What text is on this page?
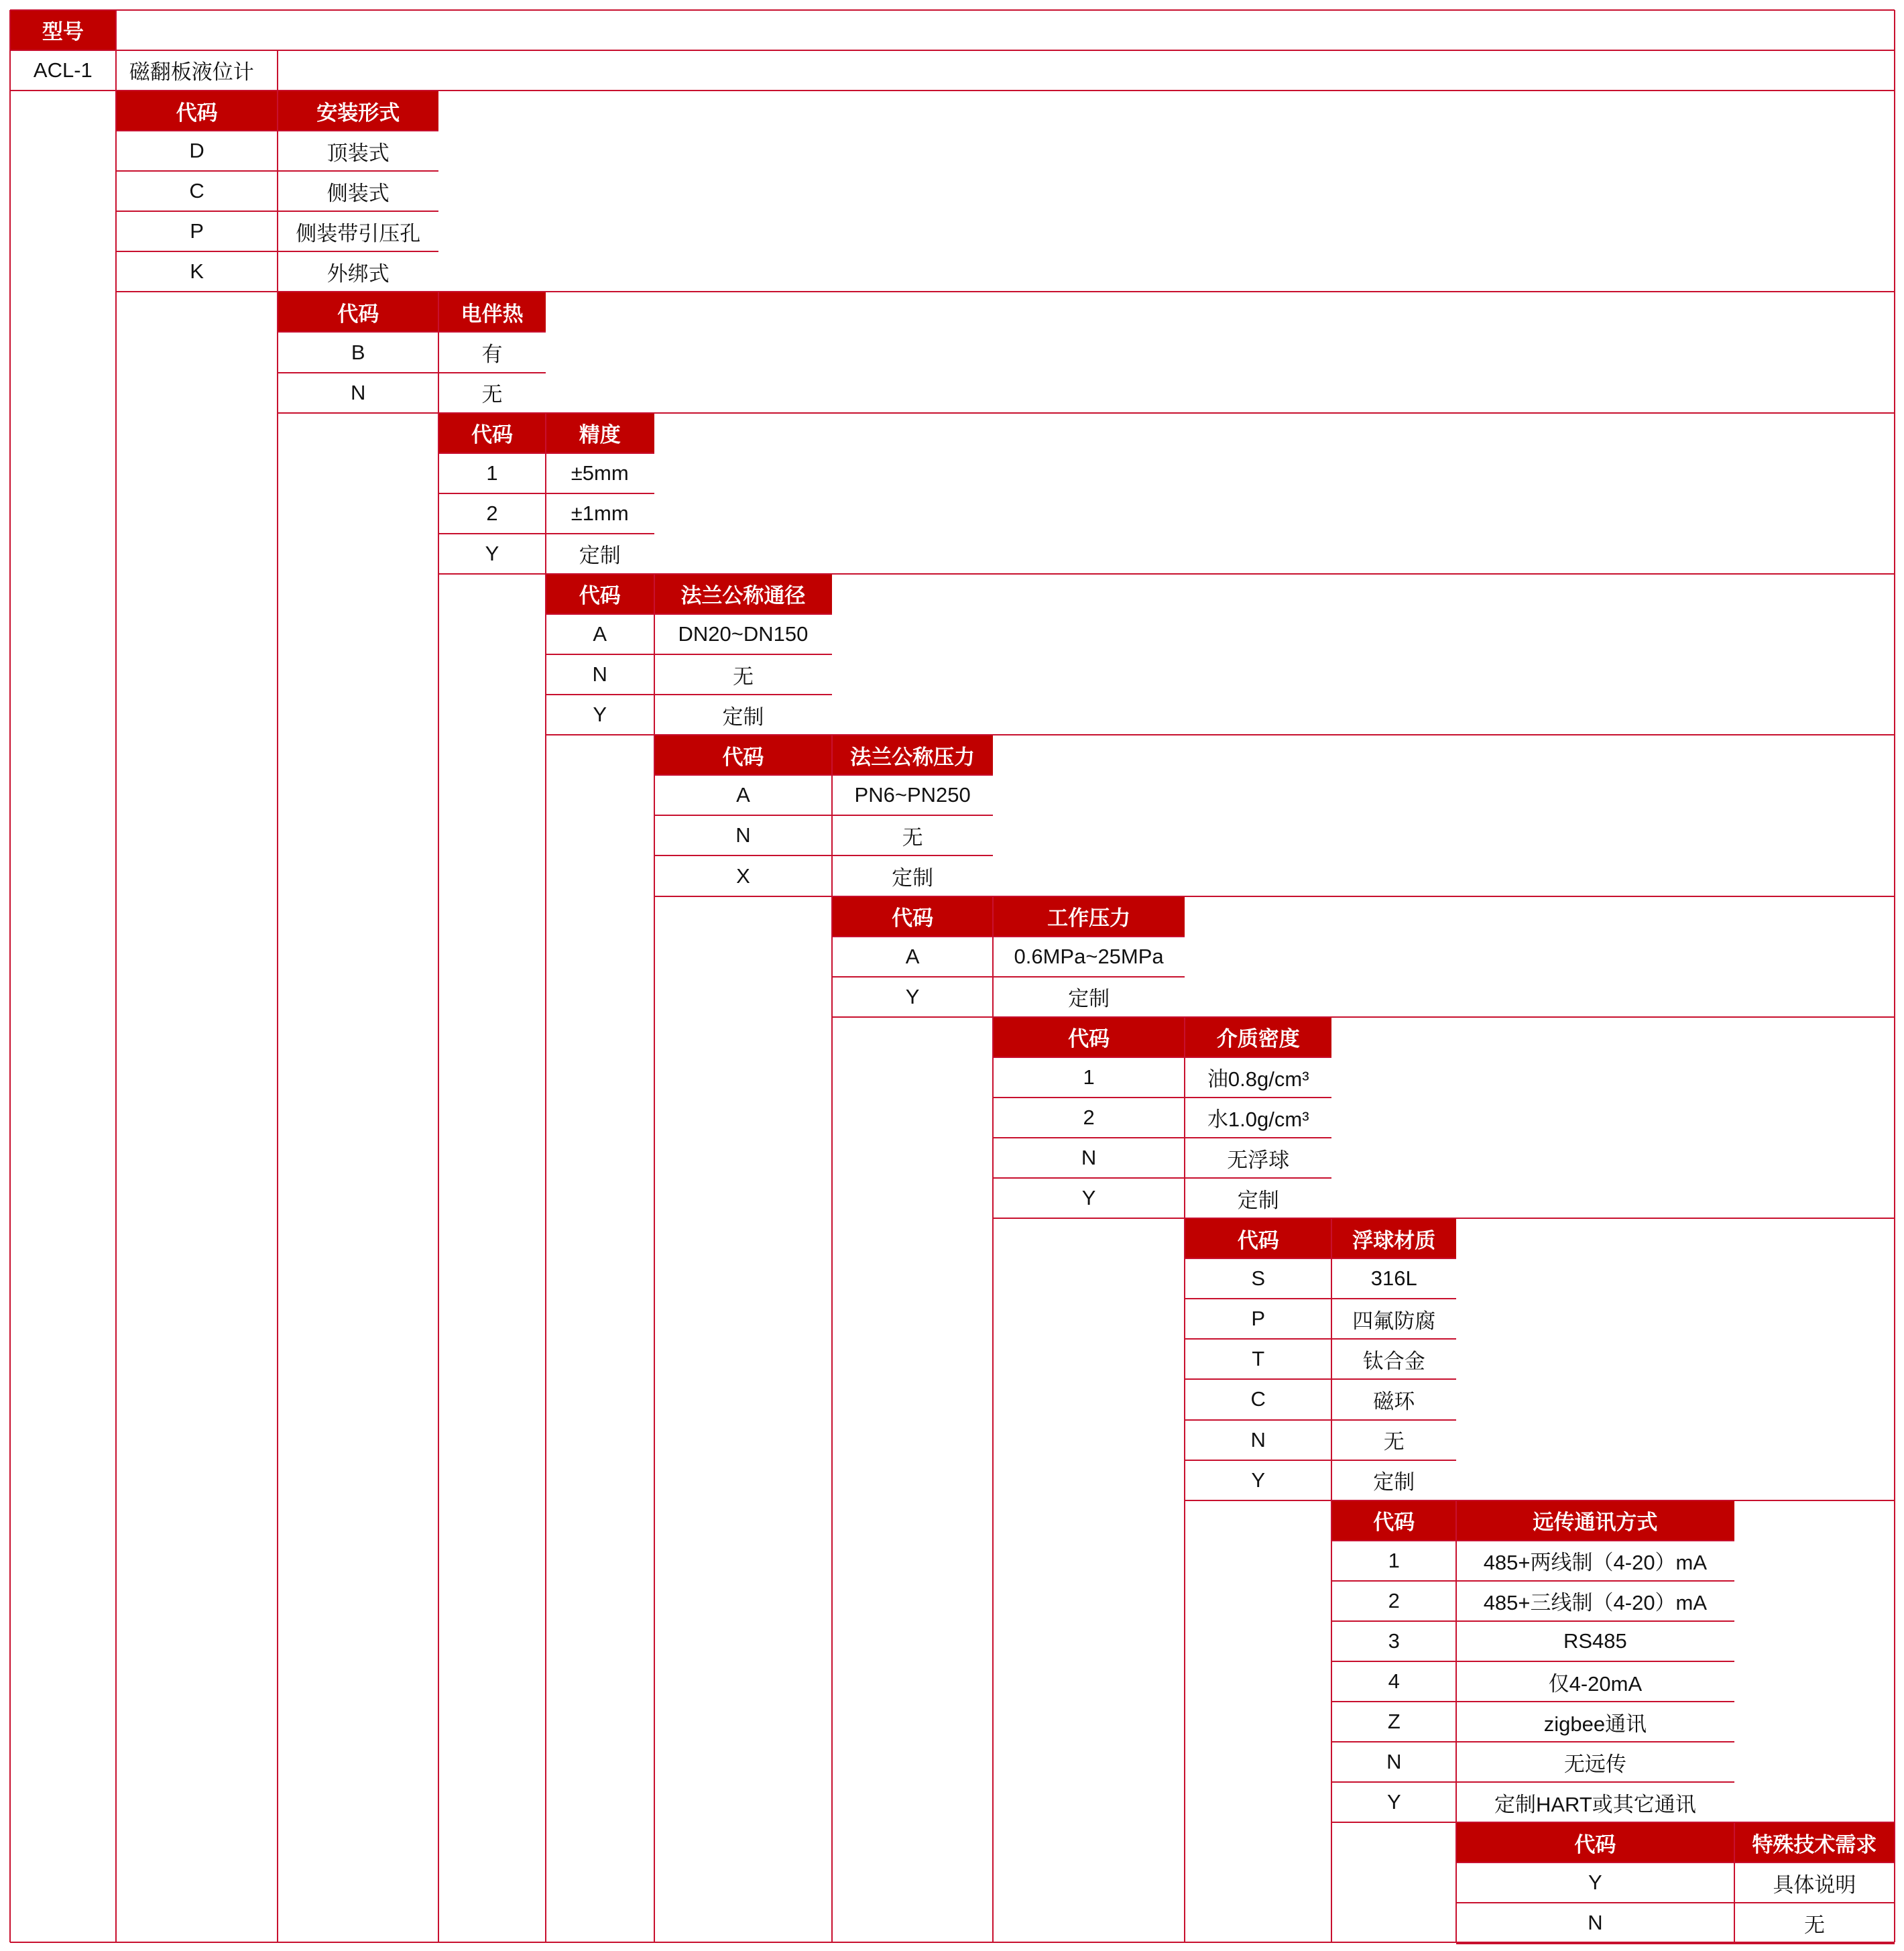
型号
ACL-1	磁翻板液位计
代码	安装形式
D	顶装式
C	侧装式
P	侧装带引压孔
K	外绑式
代码	电伴热
B	有
N	无
代码	精度
1	±5mm
2	±1mm
Y	定制
代码	法兰公称通径
A	DN20~DN150
N	无
Y	定制
代码	法兰公称压力
A	PN6~PN250
N	无
X	定制
代码	工作压力
A	0.6MPa~25MPa
Y	定制
代码	介质密度
1	油0.8g/cm³
2	水1.0g/cm³
N	无浮球
Y	定制
代码	浮球材质
S	316L
P	四氟防腐
T	钛合金
C	磁环
N	无
Y	定制
代码	远传通讯方式
1	485+两线制（4-20）mA
2	485+三线制（4-20）mA
3	RS485
4	仅4-20mA
Z	zigbee通讯
N	无远传
Y	定制HART或其它通讯
代码	特殊技术需求
Y	具体说明
N	无
